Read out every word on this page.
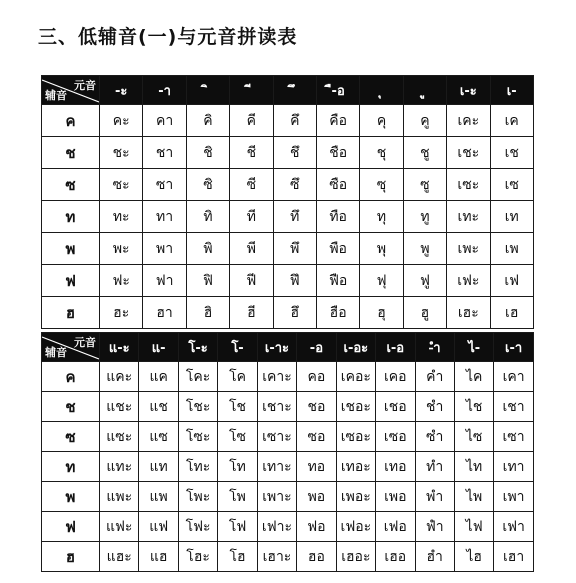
三、低辅音(一)与元音拼读表
元音
辅音	-ะ	-า				ื-อ			เ-ะ	เ-
ค	คะ	คา	คิ	คี	คึ	คือ	คุ	คู	เคะ	เค
ช	ชะ	ชา	ชิ	ชี	ชึ	ชือ	ชุ	ชู	เชะ	เช
ซ	ซะ	ซา	ซิ	ซี	ซึ	ซือ	ซุ	ซู	เซะ	เซ
ท	ทะ	ทา	ทิ	ที	ทึ	ทือ	ทุ	ทู	เทะ	เท
พ	พะ	พา	พิ	พี	พึ	พือ	พุ	พู	เพะ	เพ
ฟ	ฟะ	ฟา	ฟิ	ฟี	ฟึ	ฟือ	ฟุ	ฟู	เฟะ	เฟ
ฮ	ฮะ	ฮา	ฮิ	ฮี	ฮึ	ฮือ	ฮุ	ฮู	เฮะ	เฮ
元音
辅音	แ-ะ	แ-	โ-ะ	โ-	เ-าะ	-อ	เ-อะ	เ-อ	-ำ	ไ-	เ-า
ค	แคะ	แค	โคะ	โค	เคาะ	คอ	เคอะ	เคอ	คำ	ไค	เคา
ช	แชะ	แช	โชะ	โช	เชาะ	ชอ	เชอะ	เชอ	ชำ	ไช	เชา
ซ	แซะ	แซ	โซะ	โซ	เซาะ	ซอ	เซอะ	เซอ	ซำ	ไซ	เซา
ท	แทะ	แท	โทะ	โท	เทาะ	ทอ	เทอะ	เทอ	ทำ	ไท	เทา
พ	แพะ	แพ	โพะ	โพ	เพาะ	พอ	เพอะ	เพอ	พำ	ไพ	เพา
ฟ	แฟะ	แฟ	โฟะ	โฟ	เฟาะ	ฟอ	เฟอะ	เฟอ	ฟำ	ไฟ	เฟา
ฮ	แฮะ	แฮ	โฮะ	โฮ	เฮาะ	ฮอ	เฮอะ	เฮอ	ฮำ	ไฮ	เฮา
